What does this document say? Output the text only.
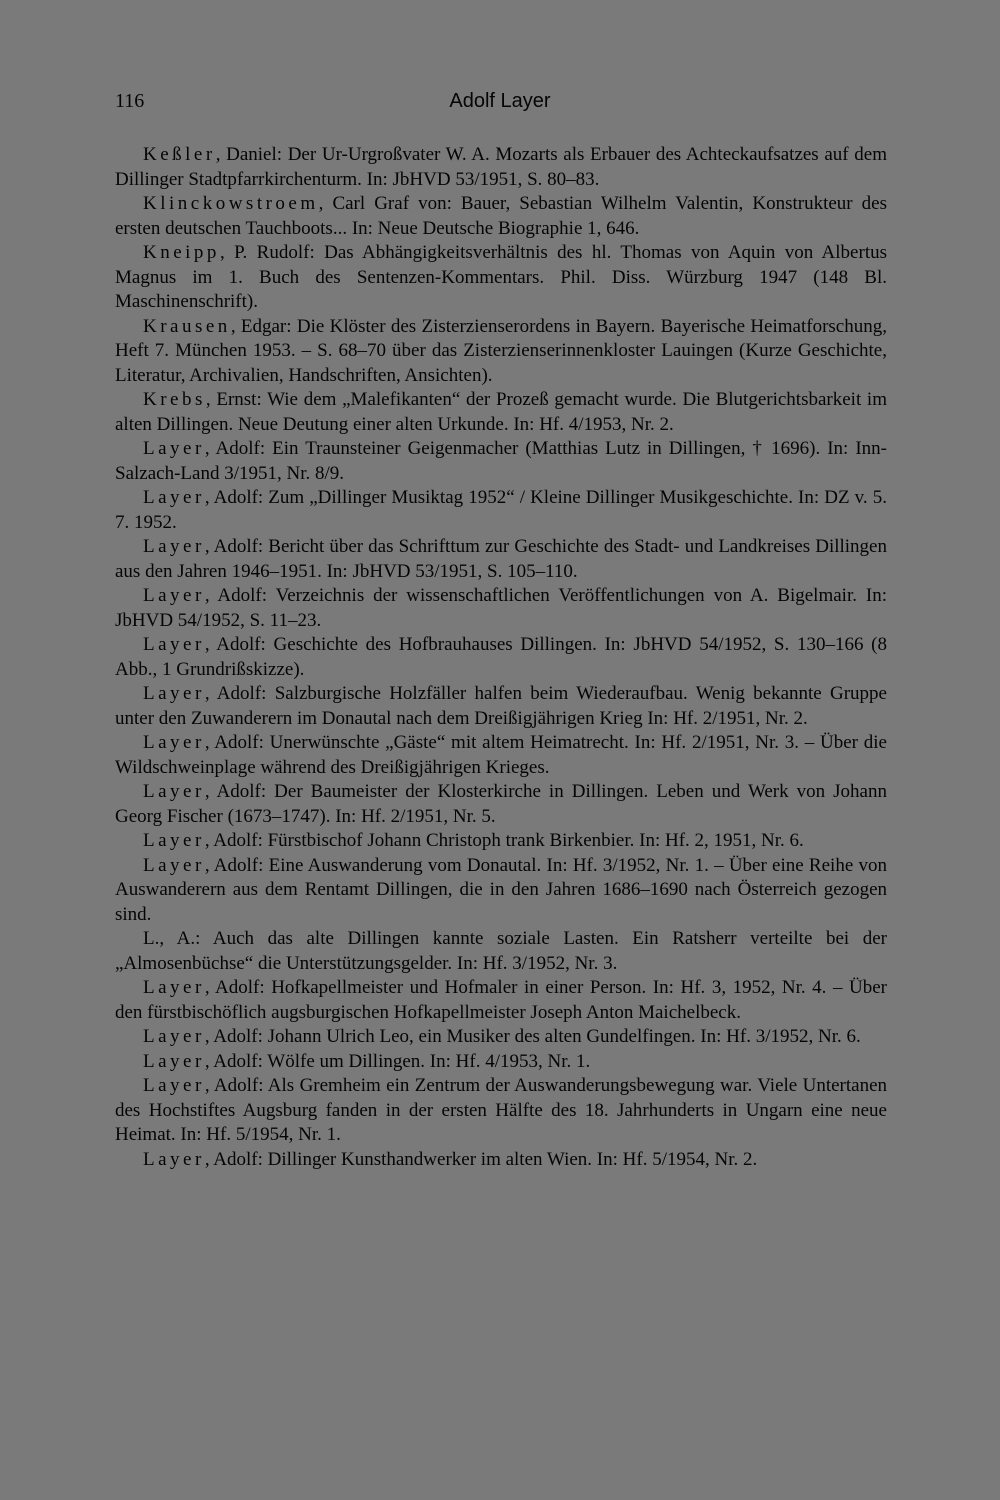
116	Adolf Layer

Keßler, Daniel: Der Ur-Urgroßvater W. A. Mozarts als Erbauer des Achteckaufsatzes auf dem Dillinger Stadtpfarrkirchenturm. In: JbHVD 53/1951, S. 80–83.

Klinckowstroem, Carl Graf von: Bauer, Sebastian Wilhelm Valentin, Konstrukteur des ersten deutschen Tauchboots... In: Neue Deutsche Biographie 1, 646.

Kneipp, P. Rudolf: Das Abhängigkeitsverhältnis des hl. Thomas von Aquin von Albertus Magnus im 1. Buch des Sentenzen-Kommentars. Phil. Diss. Würzburg 1947 (148 Bl. Maschinenschrift).

Krausen, Edgar: Die Klöster des Zisterzienserordens in Bayern. Bayerische Heimatforschung, Heft 7. München 1953. – S. 68–70 über das Zisterzienserinnenkloster Lauingen (Kurze Geschichte, Literatur, Archivalien, Handschriften, Ansichten).

Krebs, Ernst: Wie dem „Malefikanten“ der Prozeß gemacht wurde. Die Blutgerichtsbarkeit im alten Dillingen. Neue Deutung einer alten Urkunde. In: Hf. 4/1953, Nr. 2.

Layer, Adolf: Ein Traunsteiner Geigenmacher (Matthias Lutz in Dillingen, † 1696). In: Inn-Salzach-Land 3/1951, Nr. 8/9.

Layer, Adolf: Zum „Dillinger Musiktag 1952“ / Kleine Dillinger Musikgeschichte. In: DZ v. 5. 7. 1952.

Layer, Adolf: Bericht über das Schrifttum zur Geschichte des Stadt- und Landkreises Dillingen aus den Jahren 1946–1951. In: JbHVD 53/1951, S. 105–110.

Layer, Adolf: Verzeichnis der wissenschaftlichen Veröffentlichungen von A. Bigelmair. In: JbHVD 54/1952, S. 11–23.

Layer, Adolf: Geschichte des Hofbrauhauses Dillingen. In: JbHVD 54/1952, S. 130–166 (8 Abb., 1 Grundrißskizze).

Layer, Adolf: Salzburgische Holzfäller halfen beim Wiederaufbau. Wenig bekannte Gruppe unter den Zuwanderern im Donautal nach dem Dreißigjährigen Krieg In: Hf. 2/1951, Nr. 2.

Layer, Adolf: Unerwünschte „Gäste“ mit altem Heimatrecht. In: Hf. 2/1951, Nr. 3. – Über die Wildschweinplage während des Dreißigjährigen Krieges.

Layer, Adolf: Der Baumeister der Klosterkirche in Dillingen. Leben und Werk von Johann Georg Fischer (1673–1747). In: Hf. 2/1951, Nr. 5.

Layer, Adolf: Fürstbischof Johann Christoph trank Birkenbier. In: Hf. 2, 1951, Nr. 6.

Layer, Adolf: Eine Auswanderung vom Donautal. In: Hf. 3/1952, Nr. 1. – Über eine Reihe von Auswanderern aus dem Rentamt Dillingen, die in den Jahren 1686–1690 nach Österreich gezogen sind.

L., A.: Auch das alte Dillingen kannte soziale Lasten. Ein Ratsherr verteilte bei der „Almosenbüchse“ die Unterstützungsgelder. In: Hf. 3/1952, Nr. 3.

Layer, Adolf: Hofkapellmeister und Hofmaler in einer Person. In: Hf. 3, 1952, Nr. 4. – Über den fürstbischöflich augsburgischen Hofkapellmeister Joseph Anton Maichelbeck.

Layer, Adolf: Johann Ulrich Leo, ein Musiker des alten Gundelfingen. In: Hf. 3/1952, Nr. 6.

Layer, Adolf: Wölfe um Dillingen. In: Hf. 4/1953, Nr. 1.

Layer, Adolf: Als Gremheim ein Zentrum der Auswanderungsbewegung war. Viele Untertanen des Hochstiftes Augsburg fanden in der ersten Hälfte des 18. Jahrhunderts in Ungarn eine neue Heimat. In: Hf. 5/1954, Nr. 1.

Layer, Adolf: Dillinger Kunsthandwerker im alten Wien. In: Hf. 5/1954, Nr. 2.
